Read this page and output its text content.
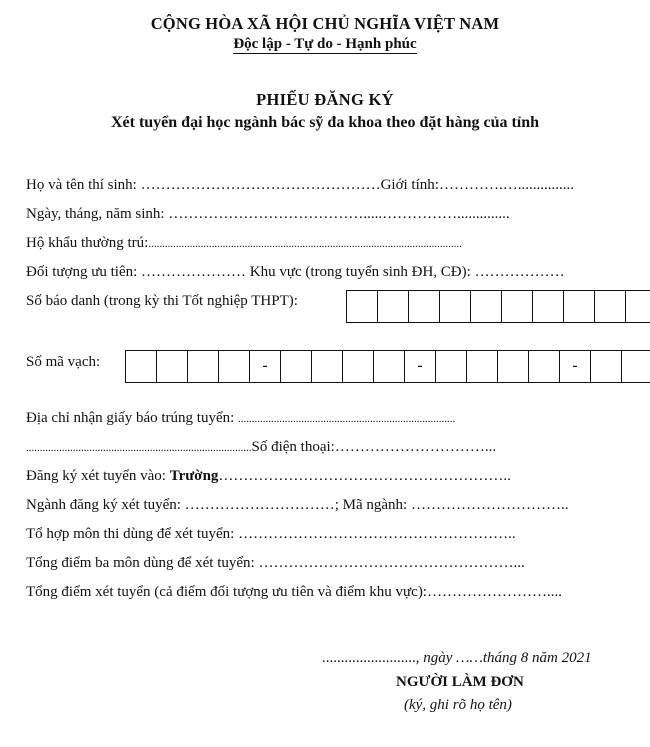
CỘNG HÒA XÃ HỘI CHỦ NGHĨA VIỆT NAM
Độc lập - Tự do - Hạnh phúc
PHIẾU ĐĂNG KÝ
Xét tuyển đại học ngành bác sỹ đa khoa theo đặt hàng của tỉnh
Họ và tên thí sinh: …………………………………………Giới tính:………….…...............
Ngày, tháng, năm sinh: ………………………………….....……………..............
Hộ khẩu thường trú:..................................................................................................................
Đối tượng ưu tiên: ………………… Khu vực (trong tuyển sinh ĐH, CĐ): ………………
Số báo danh (trong kỳ thi Tốt nghiệp THPT):
Số mã vạch:	-	-	-
Địa chỉ nhận giấy báo trúng tuyển: ...............................................................................
..................................................................................Số điện thoại:…………………………...
Đăng ký xét tuyển vào: Trường…………………………………………………..
Ngành đăng ký xét tuyển: …………………………; Mã ngành: …………………………..
Tổ hợp môn thi dùng để xét tuyển: ………………………………………………..
Tổng điểm ba môn dùng để xét tuyển: ……………………………………………...
Tổng điểm xét tuyển (cả điểm đối tượng ưu tiên và điểm khu vực):……………………....
........................., ngày ……tháng 8 năm 2021
NGƯỜI LÀM ĐƠN
(ký, ghi rõ họ tên)
